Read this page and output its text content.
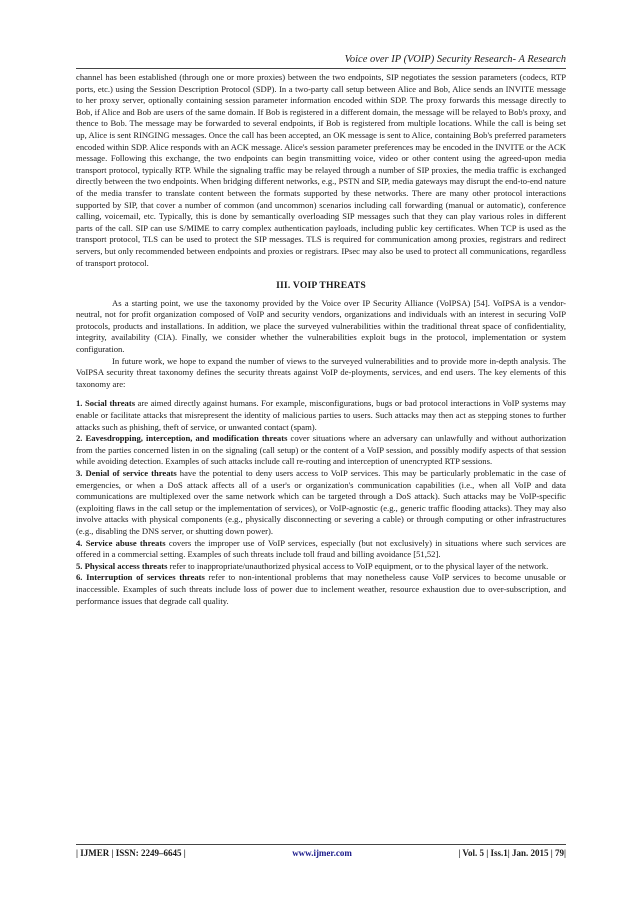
Voice over IP (VOIP) Security Research- A Research

channel has been established (through one or more proxies) between the two endpoints, SIP negotiates the session parameters (codecs, RTP ports, etc.) using the Session Description Protocol (SDP). In a two-party call setup between Alice and Bob, Alice sends an INVITE message to her proxy server, optionally containing session parameter information encoded within SDP. The proxy forwards this message directly to Bob, if Alice and Bob are users of the same domain. If Bob is registered in a different domain, the message will be relayed to Bob's proxy, and thence to Bob. The message may be forwarded to several endpoints, if Bob is registered from multiple locations. While the call is being set up, Alice is sent RINGING messages. Once the call has been accepted, an OK message is sent to Alice, containing Bob's preferred parameters encoded within SDP. Alice responds with an ACK message. Alice's session parameter preferences may be encoded in the INVITE or the ACK message. Following this exchange, the two endpoints can begin transmitting voice, video or other content using the agreed-upon media transport protocol, typically RTP. While the signaling traffic may be relayed through a number of SIP proxies, the media traffic is exchanged directly between the two endpoints. When bridging different networks, e.g., PSTN and SIP, media gateways may disrupt the end-to-end nature of the media transfer to translate content between the formats supported by these networks. There are many other protocol interactions supported by SIP, that cover a number of common (and uncommon) scenarios including call forwarding (manual or automatic), conference calling, voicemail, etc. Typically, this is done by semantically overloading SIP messages such that they can play various roles in different parts of the call. SIP can use S/MIME to carry complex authentication payloads, including public key certificates. When TCP is used as the transport protocol, TLS can be used to protect the SIP messages. TLS is required for communication among proxies, registrars and redirect servers, but only recommended between endpoints and proxies or registrars. IPsec may also be used to protect all communications, regardless of transport protocol.

III. VOIP THREATS

As a starting point, we use the taxonomy provided by the Voice over IP Security Alliance (VoIPSA) [54]. VoIPSA is a vendor-neutral, not for profit organization composed of VoIP and security vendors, organizations and individuals with an interest in securing VoIP protocols, products and installations. In addition, we place the surveyed vulnerabilities within the traditional threat space of confidentiality, integrity, availability (CIA). Finally, we consider whether the vulnerabilities exploit bugs in the protocol, implementation or system configuration.

In future work, we hope to expand the number of views to the surveyed vulnerabilities and to provide more in-depth analysis. The VoIPSA security threat taxonomy defines the security threats against VoIP de-ployments, services, and end users. The key elements of this taxonomy are:

1. Social threats are aimed directly against humans. For example, misconfigurations, bugs or bad protocol interactions in VoIP systems may enable or facilitate attacks that misrepresent the identity of malicious parties to users. Such attacks may then act as stepping stones to further attacks such as phishing, theft of service, or unwanted contact (spam).

2. Eavesdropping, interception, and modification threats cover situations where an adversary can unlawfully and without authorization from the parties concerned listen in on the signaling (call setup) or the content of a VoIP session, and possibly modify aspects of that session while avoiding detection. Examples of such attacks include call re-routing and interception of unencrypted RTP sessions.

3. Denial of service threats have the potential to deny users access to VoIP services. This may be particularly problematic in the case of emergencies, or when a DoS attack affects all of a user's or organization's communication capabilities (i.e., when all VoIP and data communications are multiplexed over the same network which can be targeted through a DoS attack). Such attacks may be VoIP-specific (exploiting flaws in the call setup or the implementation of services), or VoIP-agnostic (e.g., generic traffic flooding attacks). They may also involve attacks with physical components (e.g., physically disconnecting or severing a cable) or through computing or other infrastructures (e.g., disabling the DNS server, or shutting down power).

4. Service abuse threats covers the improper use of VoIP services, especially (but not exclusively) in situations where such services are offered in a commercial setting. Examples of such threats include toll fraud and billing avoidance [51,52].

5. Physical access threats refer to inappropriate/unauthorized physical access to VoIP equipment, or to the physical layer of the network.

6. Interruption of services threats refer to non-intentional problems that may nonetheless cause VoIP services to become unusable or inaccessible. Examples of such threats include loss of power due to inclement weather, resource exhaustion due to over-subscription, and performance issues that degrade call quality.

| IJMER | ISSN: 2249–6645 |	www.ijmer.com	| Vol. 5 | Iss.1| Jan. 2015 | 79|
